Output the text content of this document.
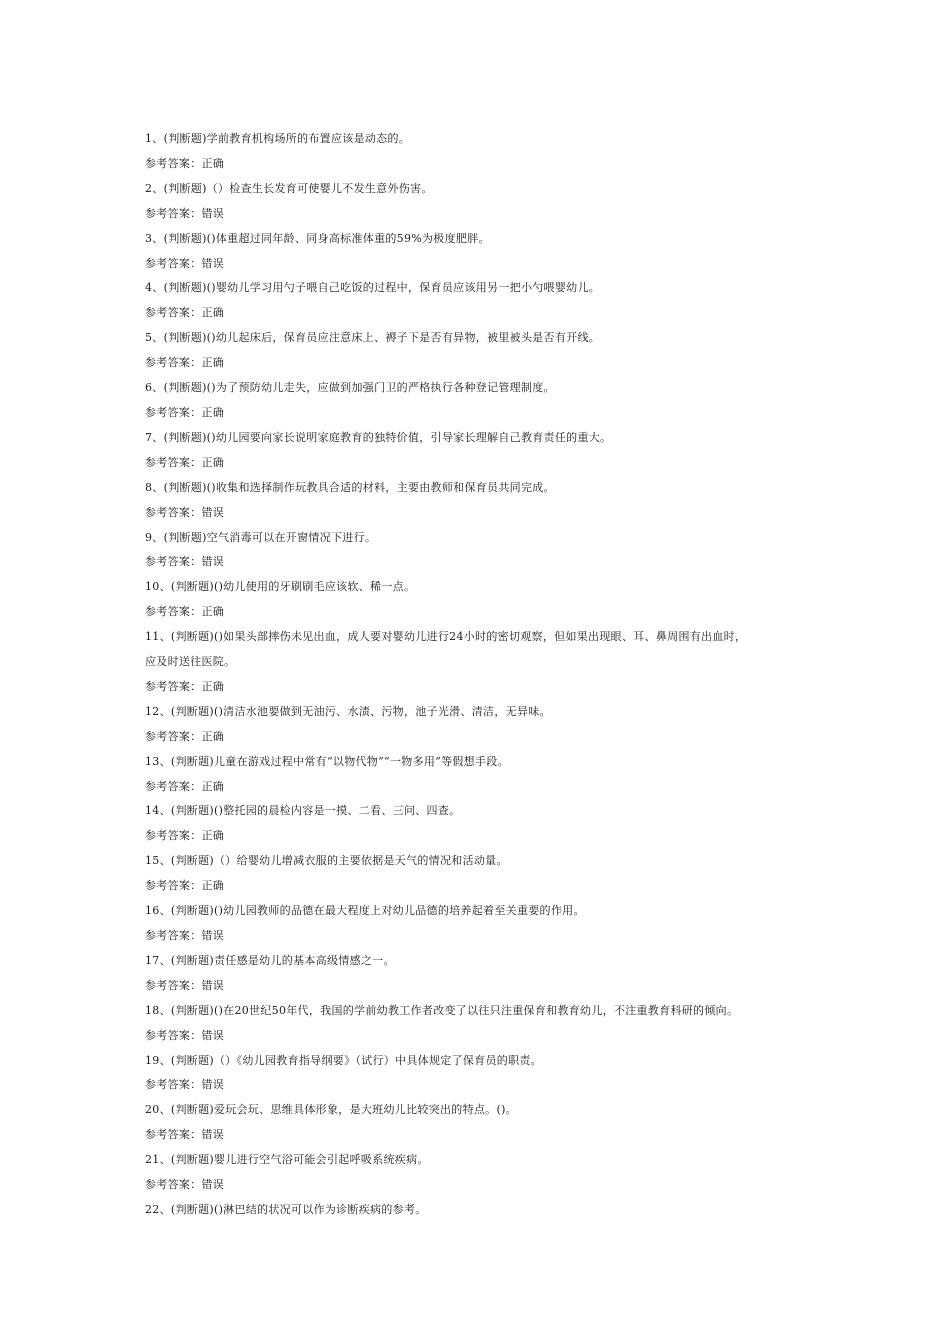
1、(判断题)学前教育机构场所的布置应该是动态的。
参考答案：正确
2、(判断题)（）检查生长发育可使婴儿不发生意外伤害。
参考答案：错误
3、(判断题)()体重超过同年龄、同身高标准体重的59%为极度肥胖。
参考答案：错误
4、(判断题)()婴幼儿学习用勺子喂自己吃饭的过程中，保育员应该用另一把小勺喂婴幼儿。
参考答案：正确
5、(判断题)()幼儿起床后，保育员应注意床上、褥子下是否有异物，被里被头是否有开线。
参考答案：正确
6、(判断题)()为了预防幼儿走失，应做到加强门卫的严格执行各种登记管理制度。
参考答案：正确
7、(判断题)()幼儿园要向家长说明家庭教育的独特价值，引导家长理解自己教育责任的重大。
参考答案：正确
8、(判断题)()收集和选择制作玩教具合适的材料，主要由教师和保育员共同完成。
参考答案：错误
9、(判断题)空气消毒可以在开窗情况下进行。
参考答案：错误
10、(判断题)()幼儿使用的牙刷刷毛应该软、稀一点。
参考答案：正确
11、(判断题)()如果头部摔伤未见出血，成人要对婴幼儿进行24小时的密切观察，但如果出现眼、耳、鼻周围有出血时，
应及时送往医院。
参考答案：正确
12、(判断题)()清洁水池要做到无油污、水渍、污物，池子光滑、清洁，无异味。
参考答案：正确
13、(判断题)儿童在游戏过程中常有“以物代物”“一物多用”等假想手段。
参考答案：正确
14、(判断题)()整托园的晨检内容是一摸、二看、三问、四查。
参考答案：正确
15、(判断题)（）给婴幼儿增减衣服的主要依据是天气的情况和活动量。
参考答案：正确
16、(判断题)()幼儿园教师的品德在最大程度上对幼儿品德的培养起着至关重要的作用。
参考答案：错误
17、(判断题)责任感是幼儿的基本高级情感之一。
参考答案：错误
18、(判断题)()在20世纪50年代，我国的学前幼教工作者改变了以往只注重保育和教育幼儿，不注重教育科研的倾向。
参考答案：错误
19、(判断题)（）《幼儿园教育指导纲要》（试行）中具体规定了保育员的职责。
参考答案：错误
20、(判断题)爱玩会玩、思维具体形象，是大班幼儿比较突出的特点。()。
参考答案：错误
21、(判断题)婴儿进行空气浴可能会引起呼吸系统疾病。
参考答案：错误
22、(判断题)()淋巴结的状况可以作为诊断疾病的参考。
